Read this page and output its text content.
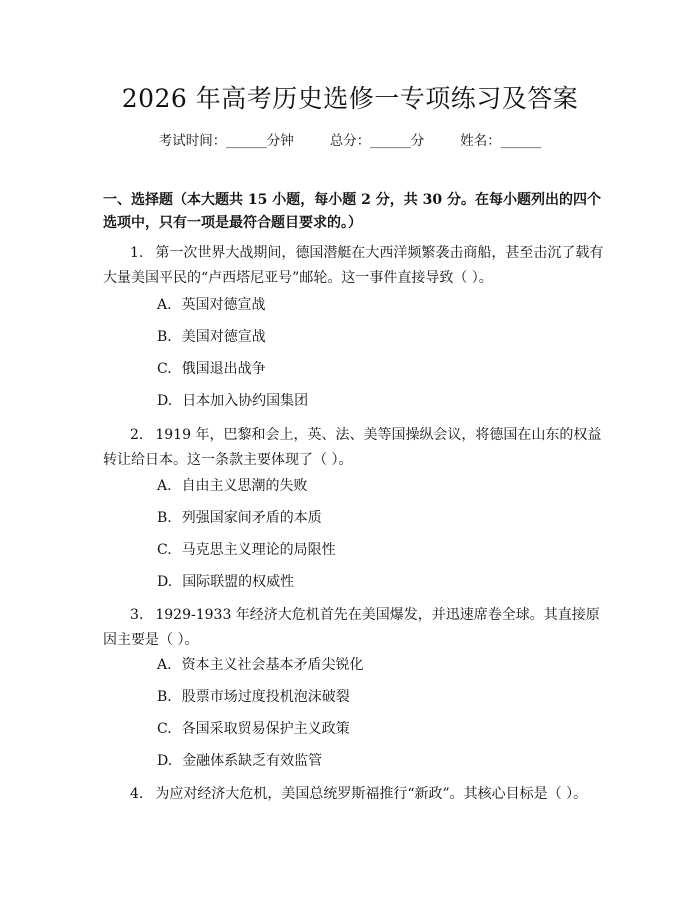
2026 年高考历史选修一专项练习及答案
考试时间：______分钟	总分：______分	姓名：______
一、选择题（本大题共 15 小题，每小题 2 分，共 30 分。在每小题列出的四个选项中，只有一项是最符合题目要求的。）
1. 第一次世界大战期间，德国潜艇在大西洋频繁袭击商船，甚至击沉了载有大量美国平民的“卢西塔尼亚号”邮轮。这一事件直接导致（ ）。
A. 英国对德宣战
B. 美国对德宣战
C. 俄国退出战争
D. 日本加入协约国集团
2. 1919 年，巴黎和会上，英、法、美等国操纵会议，将德国在山东的权益转让给日本。这一条款主要体现了（ ）。
A. 自由主义思潮的失败
B. 列强国家间矛盾的本质
C. 马克思主义理论的局限性
D. 国际联盟的权威性
3. 1929-1933 年经济大危机首先在美国爆发，并迅速席卷全球。其直接原因主要是（ ）。
A. 资本主义社会基本矛盾尖锐化
B. 股票市场过度投机泡沫破裂
C. 各国采取贸易保护主义政策
D. 金融体系缺乏有效监管
4. 为应对经济大危机，美国总统罗斯福推行“新政”。其核心目标是（ ）。
